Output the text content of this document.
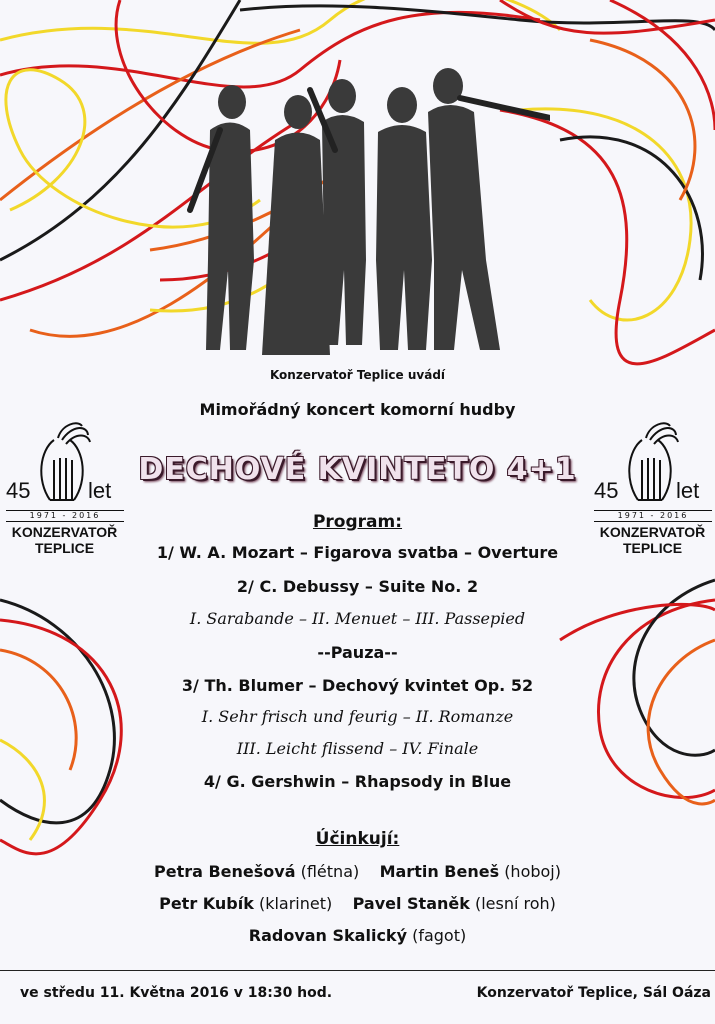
Konzervatoř Teplice uvádí
Mimořádný koncert komorní hudby
DECHOVÉ KVINTETO 4+1
45	let
1971 - 2016
KONZERVATOŘ
TEPLICE
45	let
1971 - 2016
KONZERVATOŘ
TEPLICE
Program:
1/ W. A. Mozart – Figarova svatba – Overture
2/ C. Debussy – Suite No. 2
I. Sarabande – II. Menuet – III. Passepied
--Pauza--
3/ Th. Blumer – Dechový kvintet Op. 52
I. Sehr frisch und feurig – II. Romanze
III. Leicht flissend – IV. Finale
4/ G. Gershwin – Rhapsody in Blue
Účinkují:
Petra Benešová (flétna) Martin Beneš (hoboj)
Petr Kubík (klarinet) Pavel Staněk (lesní roh)
Radovan Skalický (fagot)
ve středu 11. Května 2016 v 18:30 hod.	Konzervatoř Teplice, Sál Oáza
